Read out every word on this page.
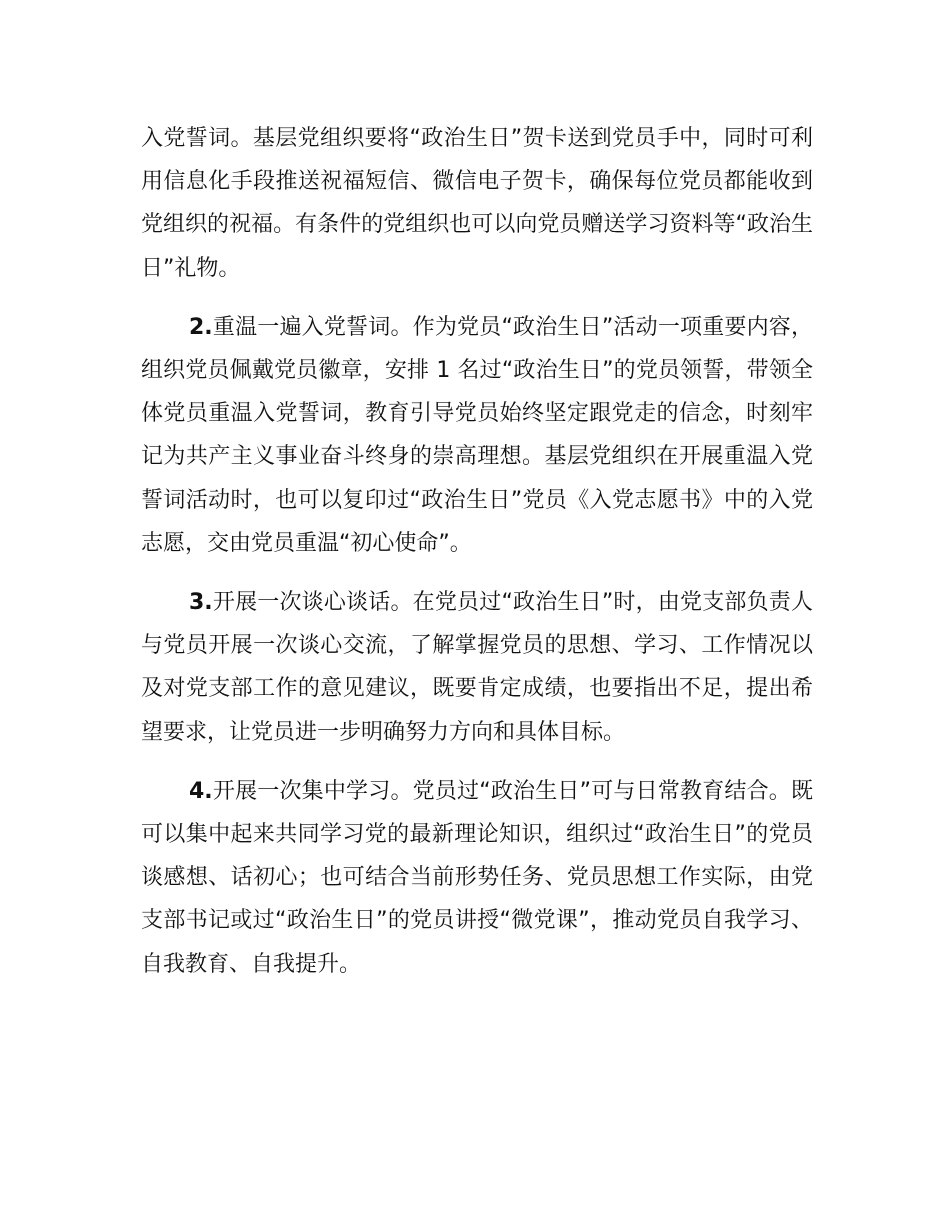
入党誓词。基层党组织要将“政治生日”贺卡送到党员手中，同时可利用信息化手段推送祝福短信、微信电子贺卡，确保每位党员都能收到党组织的祝福。有条件的党组织也可以向党员赠送学习资料等“政治生日”礼物。

2.重温一遍入党誓词。作为党员“政治生日”活动一项重要内容，组织党员佩戴党员徽章，安排 1 名过“政治生日”的党员领誓，带领全体党员重温入党誓词，教育引导党员始终坚定跟党走的信念，时刻牢记为共产主义事业奋斗终身的崇高理想。基层党组织在开展重温入党誓词活动时，也可以复印过“政治生日”党员《入党志愿书》中的入党志愿，交由党员重温“初心使命”。

3.开展一次谈心谈话。在党员过“政治生日”时，由党支部负责人与党员开展一次谈心交流，了解掌握党员的思想、学习、工作情况以及对党支部工作的意见建议，既要肯定成绩，也要指出不足，提出希望要求，让党员进一步明确努力方向和具体目标。

4.开展一次集中学习。党员过“政治生日”可与日常教育结合。既可以集中起来共同学习党的最新理论知识，组织过“政治生日”的党员谈感想、话初心；也可结合当前形势任务、党员思想工作实际，由党支部书记或过“政治生日”的党员讲授“微党课”，推动党员自我学习、自我教育、自我提升。
